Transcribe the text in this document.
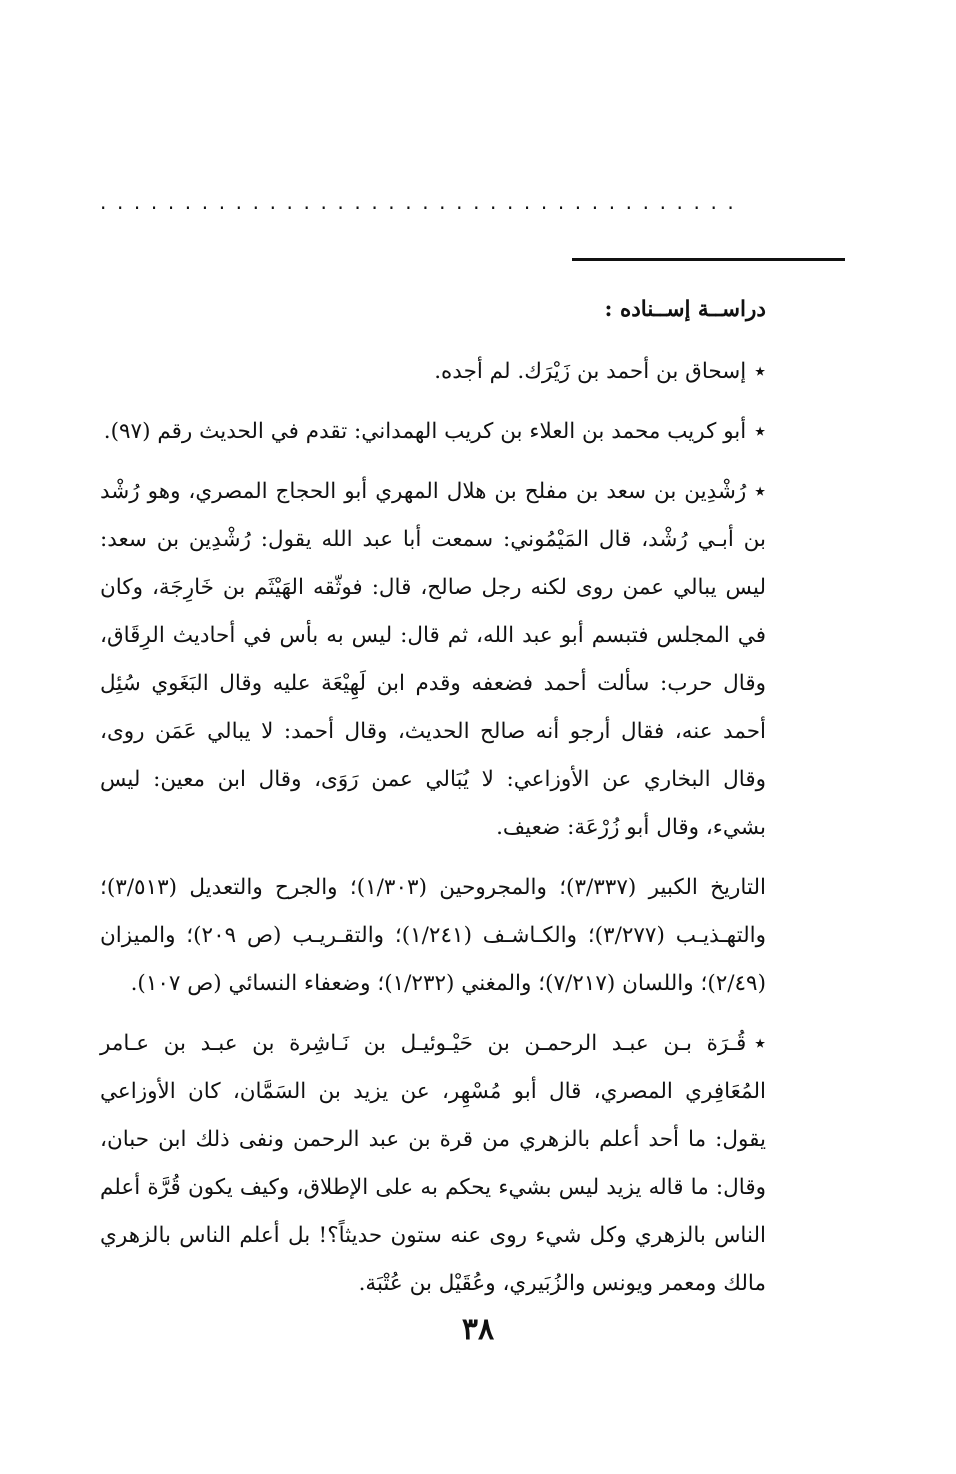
......................................

دراســة إســناده :

٭إسحاق بن أحمد بن زَيْرَك. لم أجده.

٭أبو كريب محمد بن العلاء بن كريب الهمداني: تقدم في الحديث رقم (٩٧).

٭رُشْدِين بن سعد بن مفلح بن هلال المهري أبو الحجاج المصري، وهو رُشْد بن أبـي رُشْد، قال المَيْمُوني: سمعت أبا عبد الله يقول: رُشْدِين بن سعد: ليس يبالي عمن روى لكنه رجل صالح، قال: فوثّقه الهَيْثَم بن خَارِجَة، وكان في المجلس فتبسم أبو عبد الله، ثم قال: ليس به بأس في أحاديث الرِقَاق، وقال حرب: سألت أحمد فضعفه وقدم ابن لَهِيْعَة عليه وقال البَغَوي سُئِل أحمد عنه، فقال أرجو أنه صالح الحديث، وقال أحمد: لا يبالي عَمَن روى، وقال البخاري عن الأوزاعي: لا يُبَالي عمن رَوَى، وقال ابن معين: ليس بشيء، وقال أبو زُرْعَة: ضعيف.

التاريخ الكبير (٣/٣٣٧)؛ والمجروحين (١/٣٠٣)؛ والجرح والتعديل (٣/٥١٣)؛ والتهـذيـب (٣/٢٧٧)؛ والكـاشـف (١/٢٤١)؛ والتقـريـب (ص ٢٠٩)؛ والميزان (٢/٤٩)؛ واللسان (٧/٢١٧)؛ والمغني (١/٢٣٢)؛ وضعفاء النسائي (ص ١٠٧).

٭قُـرَة بـن عبـد الرحمـن بن حَيْـوئيـل بن نَـاشِرة بن عبـد بن عـامر المُعَافِري المصري، قال أبو مُسْهِر، عن يزيد بن السَمَّان، كان الأوزاعي يقول: ما أحد أعلم بالزهري من قرة بن عبد الرحمن ونفى ذلك ابن حبان، وقال: ما قاله يزيد ليس بشيء يحكم به على الإطلاق، وكيف يكون قُرَّة أعلم الناس بالزهري وكل شيء روى عنه ستون حديثاً؟! بل أعلم الناس بالزهري مالك ومعمر ويونس والزُبَيري، وعُقَيْل بن عُتْبَة.

٣٨
